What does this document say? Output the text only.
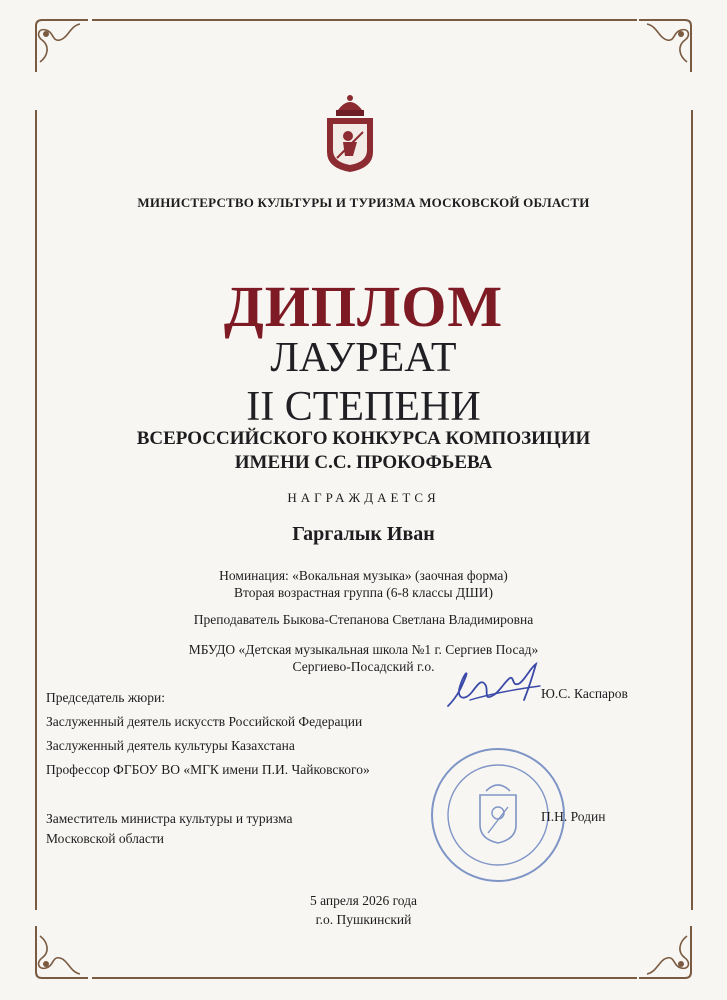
МИНИСТЕРСТВО КУЛЬТУРЫ И ТУРИЗМА МОСКОВСКОЙ ОБЛАСТИ

ДИПЛОМ

ЛАУРЕАТ

II СТЕПЕНИ

ВСЕРОССИЙСКОГО КОНКУРСА КОМПОЗИЦИИ
ИМЕНИ С.С. ПРОКОФЬЕВА

НАГРАЖДАЕТСЯ

Гаргалык Иван

Номинация: «Вокальная музыка» (заочная форма)
Вторая возрастная группа (6-8 классы ДШИ)

Преподаватель Быкова-Степанова Светлана Владимировна

МБУДО «Детская музыкальная школа №1 г. Сергиев Посад»
Сергиево-Посадский г.о.

Председатель жюри:
Заслуженный деятель искусств Российской Федерации
Заслуженный деятель культуры Казахстана
Профессор ФГБОУ ВО «МГК имени П.И. Чайковского»

Ю.С. Каспаров

Заместитель министра культуры и туризма
Московской области

П.Н. Родин

5 апреля 2026 года
г.о. Пушкинский
